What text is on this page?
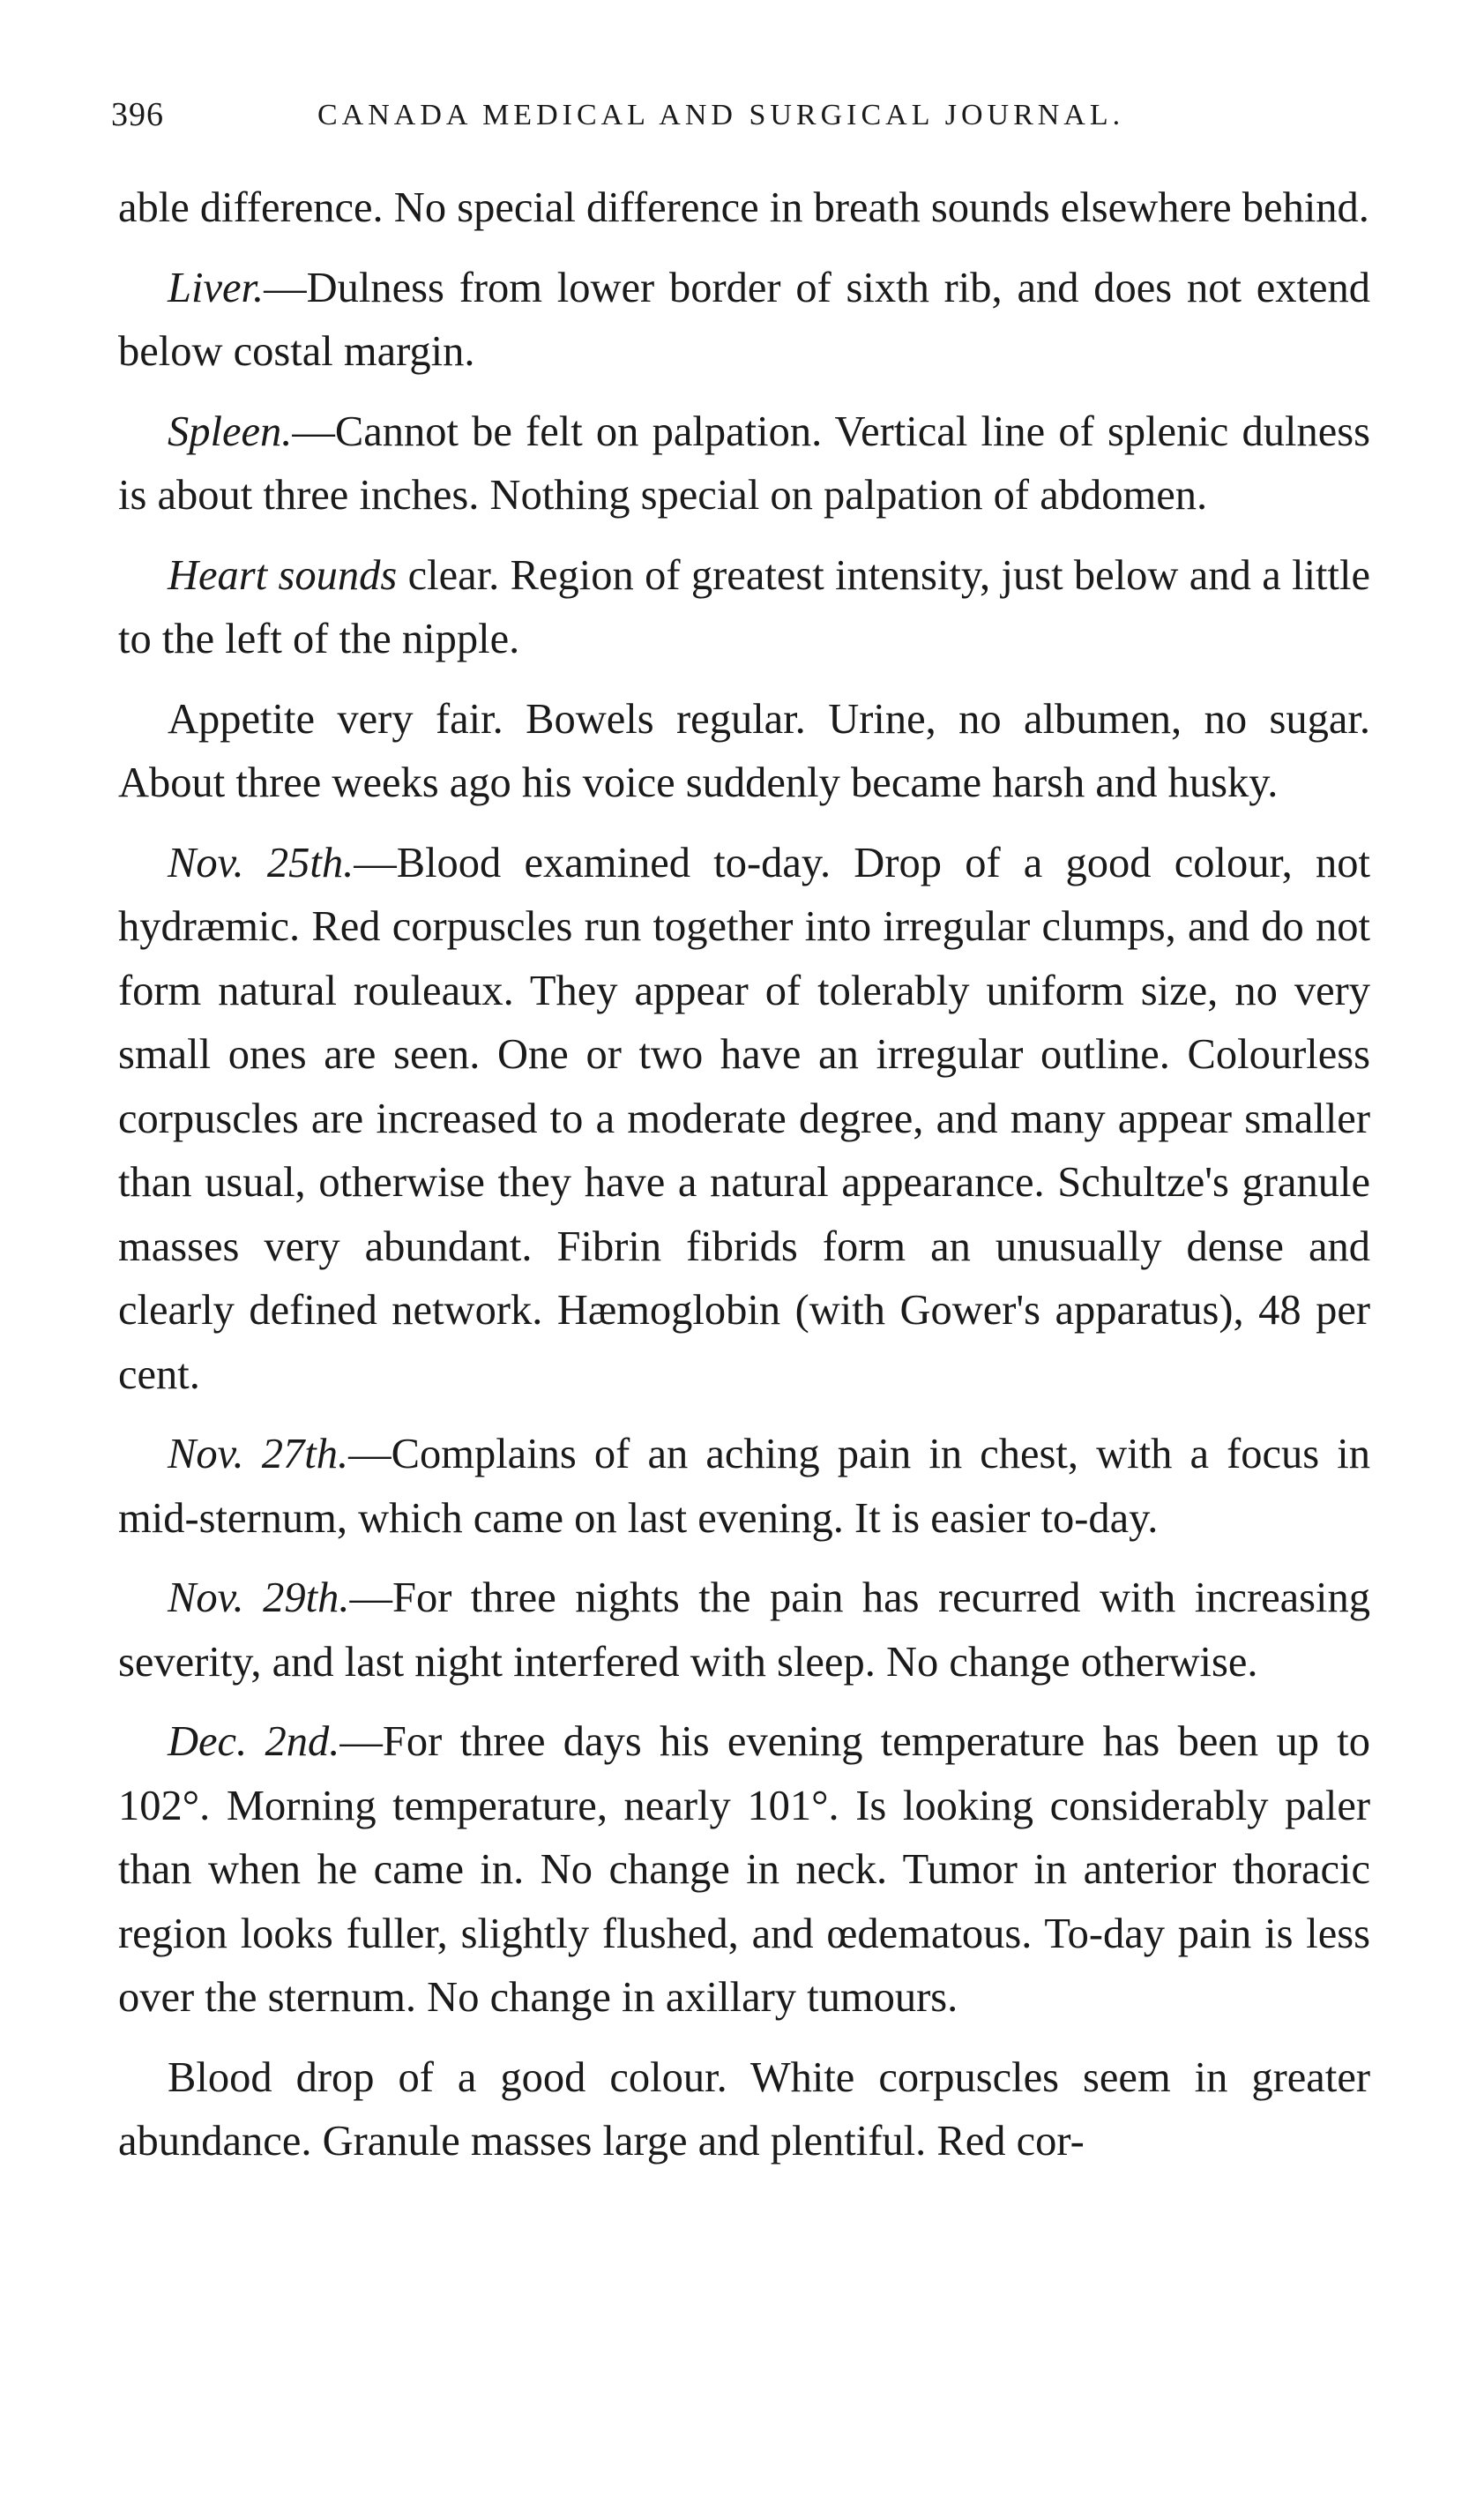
396	CANADA MEDICAL AND SURGICAL JOURNAL.

able difference. No special difference in breath sounds elsewhere behind.

Liver.—Dulness from lower border of sixth rib, and does not extend below costal margin.

Spleen.—Cannot be felt on palpation. Vertical line of splenic dulness is about three inches. Nothing special on palpation of abdomen.

Heart sounds clear. Region of greatest intensity, just below and a little to the left of the nipple.

Appetite very fair. Bowels regular. Urine, no albumen, no sugar. About three weeks ago his voice suddenly became harsh and husky.

Nov. 25th.—Blood examined to-day. Drop of a good colour, not hydræmic. Red corpuscles run together into irregular clumps, and do not form natural rouleaux. They appear of tolerably uniform size, no very small ones are seen. One or two have an irregular outline. Colourless corpuscles are increased to a moderate degree, and many appear smaller than usual, otherwise they have a natural appearance. Schultze's granule masses very abundant. Fibrin fibrids form an unusually dense and clearly defined network. Hæmoglobin (with Gower's apparatus), 48 per cent.

Nov. 27th.—Complains of an aching pain in chest, with a focus in mid-sternum, which came on last evening. It is easier to-day.

Nov. 29th.—For three nights the pain has recurred with increasing severity, and last night interfered with sleep. No change otherwise.

Dec. 2nd.—For three days his evening temperature has been up to 102°. Morning temperature, nearly 101°. Is looking considerably paler than when he came in. No change in neck. Tumor in anterior thoracic region looks fuller, slightly flushed, and œdematous. To-day pain is less over the sternum. No change in axillary tumours.

Blood drop of a good colour. White corpuscles seem in greater abundance. Granule masses large and plentiful. Red cor-
